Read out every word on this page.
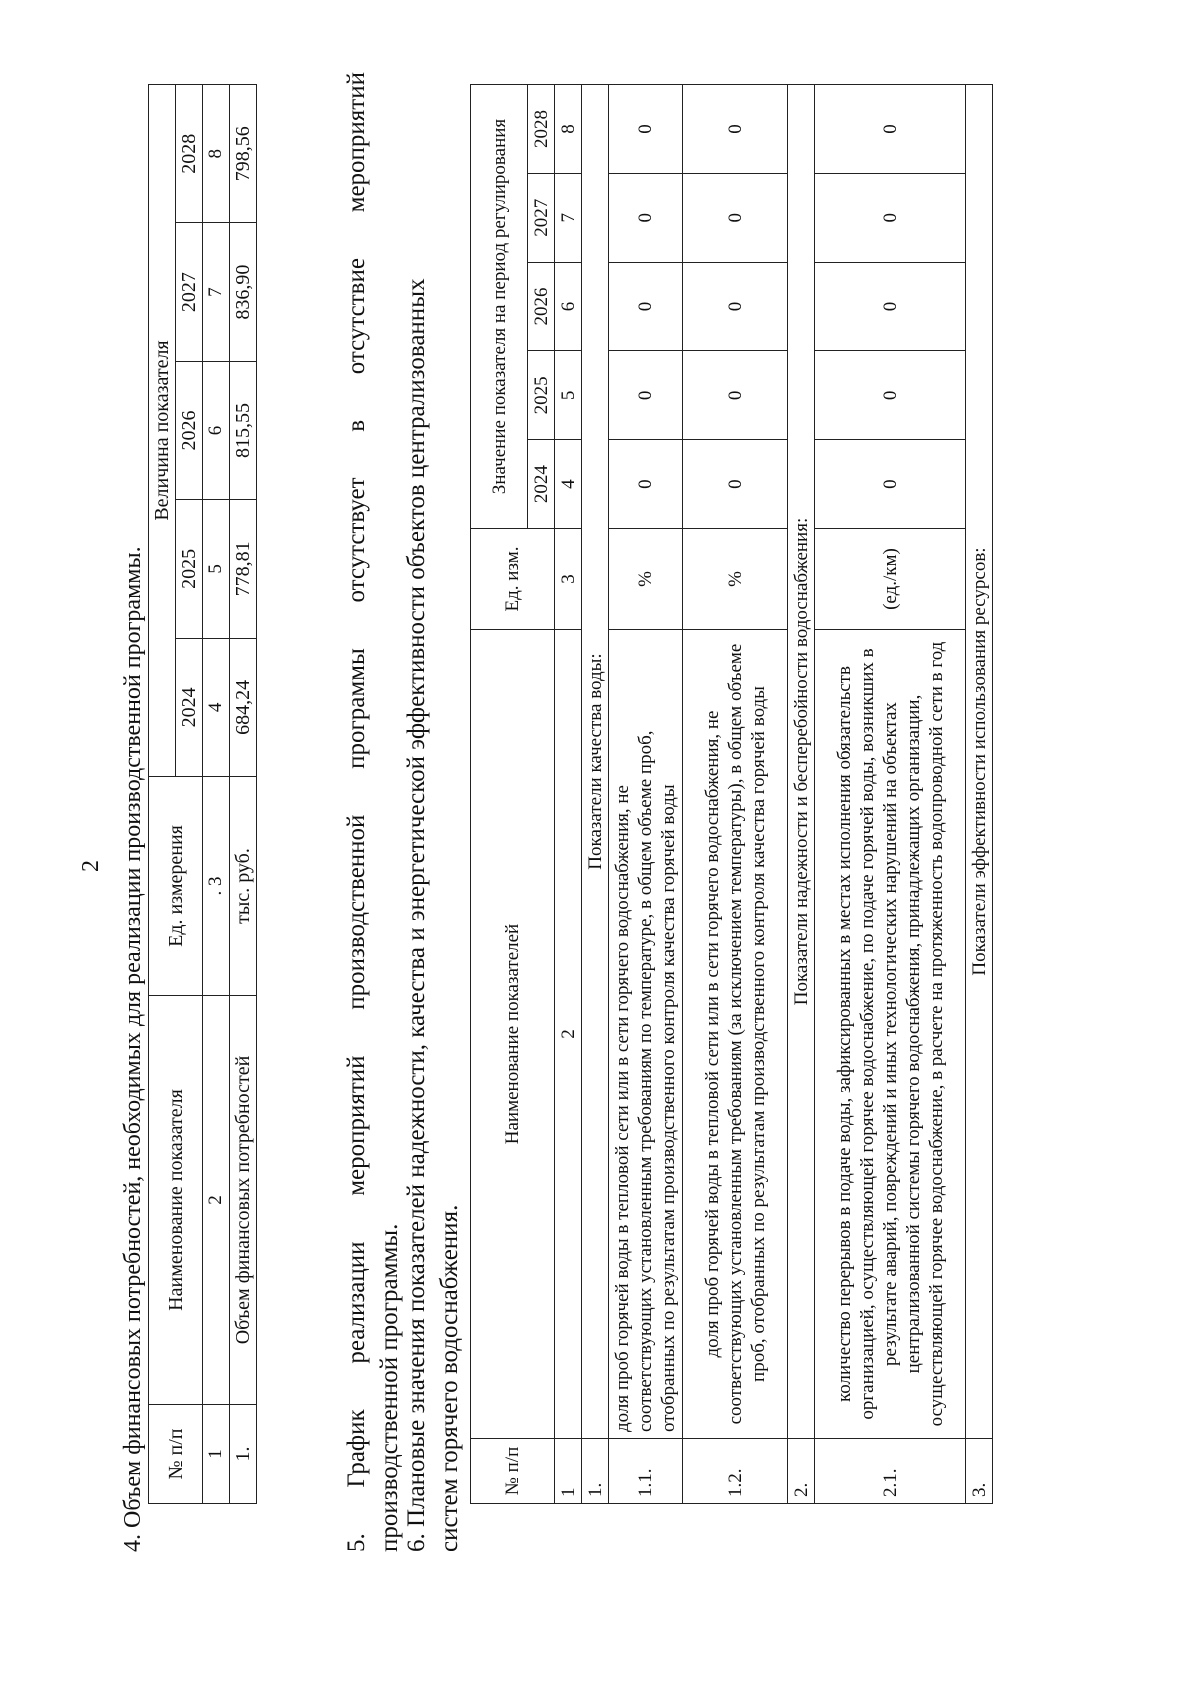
2 4. Объем финансовых потребностей, необходимых для реализации производственной программы. № п/п	Наименование показателя	Ед. измерения	Величина показателя				
			2024	2025	2026	2027	2028
1	2	. 3	4	5	6	7	8
1.	Объем финансовых потребностей	тыс. руб.	684,24	778,81	815,55	836,90	798,56
5.
График
реализации
мероприятий
производственной
программы
отсутствует
в
отсутствие
мероприятий
производственной программы. 6. Плановые значения показателей надежности, качества и энергетической эффективности объектов централизованных систем горячего водоснабжения. № п/п	Наименование показателей	Ед. изм.	Значение показателя на период регулирования				
			2024	2025	2026	2027	2028
1	2	3	4	5	6	7	8
1.	Показатели качества воды:						
1.1.	доля проб горячей воды в тепловой сети или в сети горячего водоснабжения, не соответствующих установленным требованиям по температуре, в общем объеме проб, отобранных по результатам производственного контроля качества горячей воды	%	0	0	0	0	0
1.2.	доля проб горячей воды в тепловой сети или в сети горячего водоснабжения, не соответствующих установленным требованиям (за исключением температуры), в общем объеме проб, отобранных по результатам производственного контроля качества горячей воды	%	0	0	0	0	0
2.	Показатели надежности и бесперебойности водоснабжения:						
2.1.	количество перерывов в подаче воды, зафиксированных в местах исполнения обязательств организацией, осуществляющей горячее водоснабжение, по подаче горячей воды, возникших в результате аварий, повреждений и иных технологических нарушений на объектах централизованной системы горячего водоснабжения, принадлежащих организации, осуществляющей горячее водоснабжение, в расчете на протяженность водопроводной сети в год	(ед./км)	0	0	0	0	0
3.	Показатели эффективности использования ресурсов:						
